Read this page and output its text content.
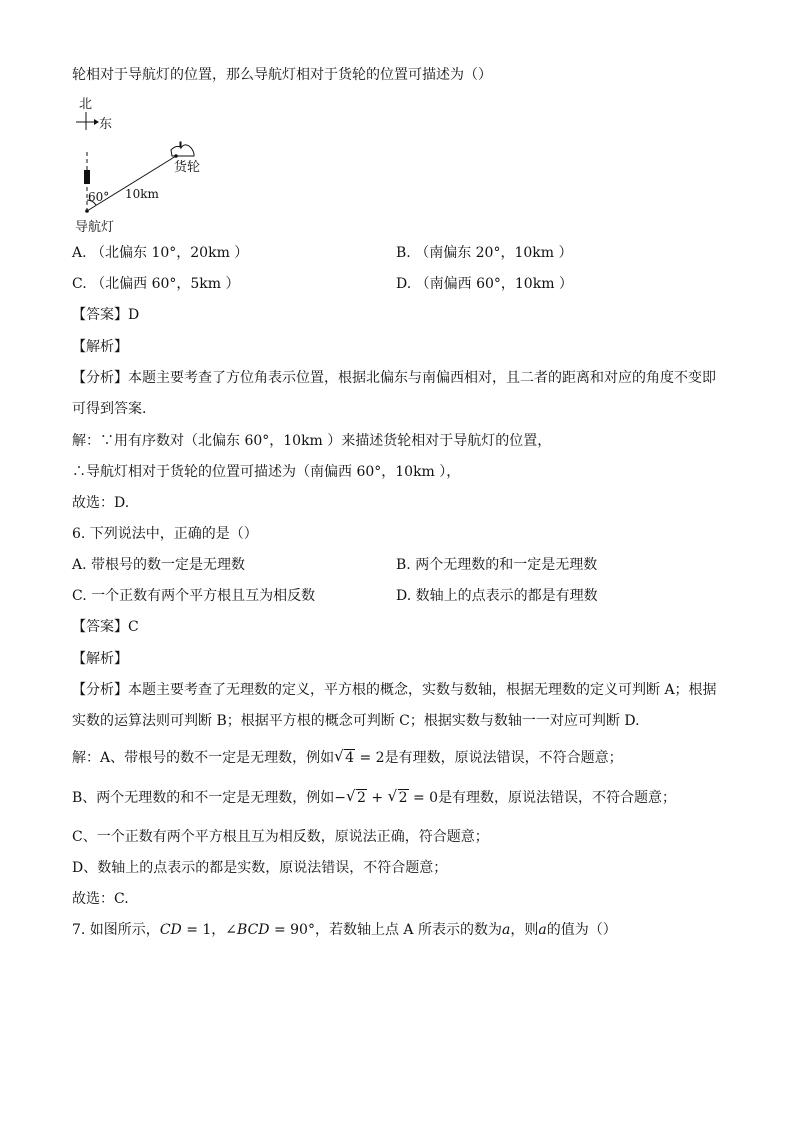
轮相对于导航灯的位置，那么导航灯相对于货轮的位置可描述为（）
北
东
60°
货轮
10km
导航灯
A. （北偏东 10°，20km ）	B. （南偏东 20°，10km ）
C. （北偏西 60°，5km ）	D. （南偏西 60°，10km ）
【答案】D
【解析】
【分析】本题主要考查了方位角表示位置，根据北偏东与南偏西相对，且二者的距离和对应的角度不变即
可得到答案.
解：∵用有序数对（北偏东 60°，10km ）来描述货轮相对于导航灯的位置，
∴导航灯相对于货轮的位置可描述为（南偏西 60°，10km ），
故选：D.
6. 下列说法中，正确的是（）
A. 带根号的数一定是无理数	B. 两个无理数的和一定是无理数
C. 一个正数有两个平方根且互为相反数	D. 数轴上的点表示的都是有理数
【答案】C
【解析】
【分析】本题主要考查了无理数的定义，平方根的概念，实数与数轴，根据无理数的定义可判断 A；根据
实数的运算法则可判断 B；根据平方根的概念可判断 C；根据实数与数轴一一对应可判断 D.
解：A、带根号的数不一定是无理数，例如 √ 4 = 2是有理数，原说法错误，不符合题意；
B、两个无理数的和不一定是无理数，例如− √ 2 + √ 2 = 0是有理数，原说法错误，不符合题意；
C、一个正数有两个平方根且互为相反数，原说法正确，符合题意；
D、数轴上的点表示的都是实数，原说法错误，不符合题意；
故选：C.
7. 如图所示，CD = 1，∠BCD = 90°，若数轴上点 A 所表示的数为a，则a的值为（）
